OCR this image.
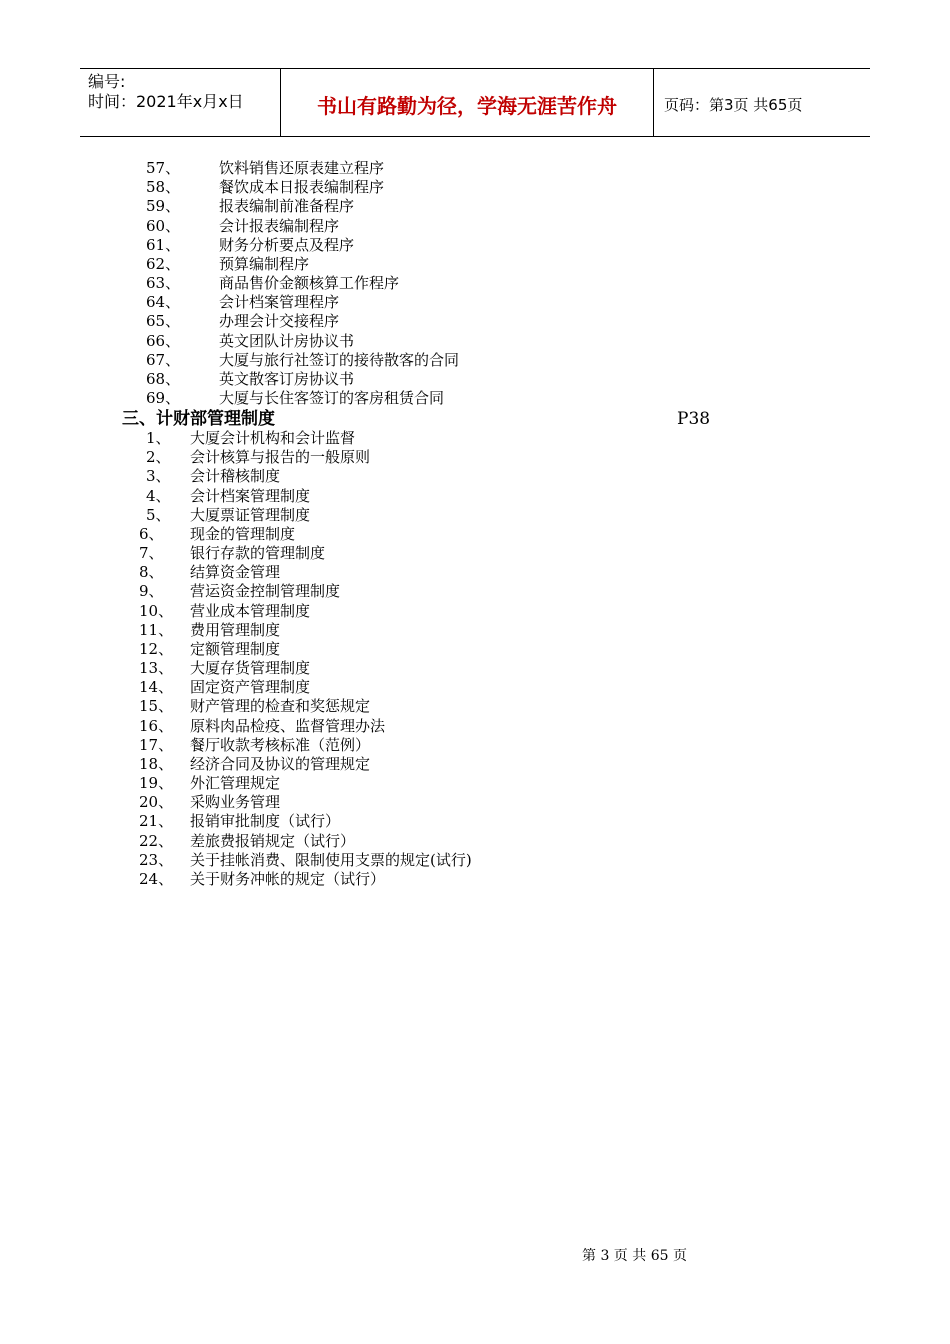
编号:
时间：2021年x月x日	书山有路勤为径，学海无涯苦作舟	页码：第3页 共65页
57、	饮料销售还原表建立程序
58、	餐饮成本日报表编制程序
59、	报表编制前准备程序
60、	会计报表编制程序
61、	财务分析要点及程序
62、	预算编制程序
63、	商品售价金额核算工作程序
64、	会计档案管理程序
65、	办理会计交接程序
66、	英文团队计房协议书
67、	大厦与旅行社签订的接待散客的合同
68、	英文散客订房协议书
69、	大厦与长住客签订的客房租赁合同
三、计财部管理制度	P38
1、 大厦会计机构和会计监督
2、 会计核算与报告的一般原则
3、 会计稽核制度
4、 会计档案管理制度
5、 大厦票证管理制度
6、 现金的管理制度
7、 银行存款的管理制度
8、 结算资金管理
9、 营运资金控制管理制度
10、 营业成本管理制度
11、 费用管理制度
12、 定额管理制度
13、 大厦存货管理制度
14、 固定资产管理制度
15、 财产管理的检查和奖惩规定
16、 原料肉品检疫、监督管理办法
17、 餐厅收款考核标准（范例）
18、 经济合同及协议的管理规定
19、 外汇管理规定
20、 采购业务管理
21、 报销审批制度（试行）
22、 差旅费报销规定（试行）
23、 关于挂帐消费、限制使用支票的规定(试行)
24、 关于财务冲帐的规定（试行）
第 3 页 共 65 页
